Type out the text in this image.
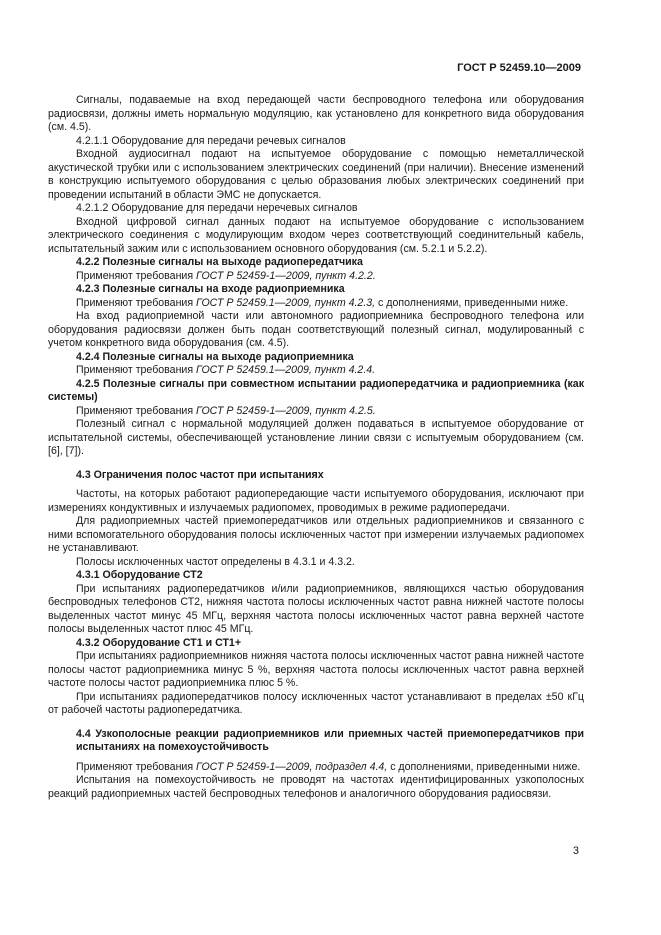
ГОСТ Р 52459.10—2009

Сигналы, подаваемые на вход передающей части беспроводного телефона или оборудования радиосвязи, должны иметь нормальную модуляцию, как установлено для конкретного вида оборудования (см. 4.5).

4.2.1.1 Оборудование для передачи речевых сигналов

Входной аудиосигнал подают на испытуемое оборудование с помощью неметаллической акустической трубки или с использованием электрических соединений (при наличии). Внесение изменений в конструкцию испытуемого оборудования с целью образования любых электрических соединений при проведении испытаний в области ЭМС не допускается.

4.2.1.2 Оборудование для передачи неречевых сигналов

Входной цифровой сигнал данных подают на испытуемое оборудование с использованием электрического соединения с модулирующим входом через соответствующий соединительный кабель, испытательный зажим или с использованием основного оборудования (см. 5.2.1 и 5.2.2).

4.2.2 Полезные сигналы на выходе радиопередатчика

Применяют требования ГОСТ Р 52459-1—2009, пункт 4.2.2.

4.2.3 Полезные сигналы на входе радиоприемника

Применяют требования ГОСТ Р 52459.1—2009, пункт 4.2.3, с дополнениями, приведенными ниже.

На вход радиоприемной части или автономного радиоприемника беспроводного телефона или оборудования радиосвязи должен быть подан соответствующий полезный сигнал, модулированный с учетом конкретного вида оборудования (см. 4.5).

4.2.4 Полезные сигналы на выходе радиоприемника

Применяют требования ГОСТ Р 52459.1—2009, пункт 4.2.4.

4.2.5 Полезные сигналы при совместном испытании радиопередатчика и радиоприемника (как системы)

Применяют требования ГОСТ Р 52459-1—2009, пункт 4.2.5.

Полезный сигнал с нормальной модуляцией должен подаваться в испытуемое оборудование от испытательной системы, обеспечивающей установление линии связи с испытуемым оборудованием (см. [6], [7]).

4.3 Ограничения полос частот при испытаниях

Частоты, на которых работают радиопередающие части испытуемого оборудования, исключают при измерениях кондуктивных и излучаемых радиопомех, проводимых в режиме радиопередачи.

Для радиоприемных частей приемопередатчиков или отдельных радиоприемников и связанного с ними вспомогательного оборудования полосы исключенных частот при измерении излучаемых радиопомех не устанавливают.

Полосы исключенных частот определены в 4.3.1 и 4.3.2.

4.3.1 Оборудование СТ2

При испытаниях радиопередатчиков и/или радиоприемников, являющихся частью оборудования беспроводных телефонов СТ2, нижняя частота полосы исключенных частот равна нижней частоте полосы выделенных частот минус 45 МГц, верхняя частота полосы исключенных частот равна верхней частоте полосы выделенных частот плюс 45 МГц.

4.3.2 Оборудование СТ1 и СТ1+

При испытаниях радиоприемников нижняя частота полосы исключенных частот равна нижней частоте полосы частот радиоприемника минус 5 %, верхняя частота полосы исключенных частот равна верхней частоте полосы частот радиоприемника плюс 5 %.

При испытаниях радиопередатчиков полосу исключенных частот устанавливают в пределах ±50 кГц от рабочей частоты радиопередатчика.

4.4 Узкополосные реакции радиоприемников или приемных частей приемопередатчиков при испытаниях на помехоустойчивость

Применяют требования ГОСТ Р 52459-1—2009, подраздел 4.4, с дополнениями, приведенными ниже.

Испытания на помехоустойчивость не проводят на частотах идентифицированных узкополосных реакций радиоприемных частей беспроводных телефонов и аналогичного оборудования радиосвязи.

3
